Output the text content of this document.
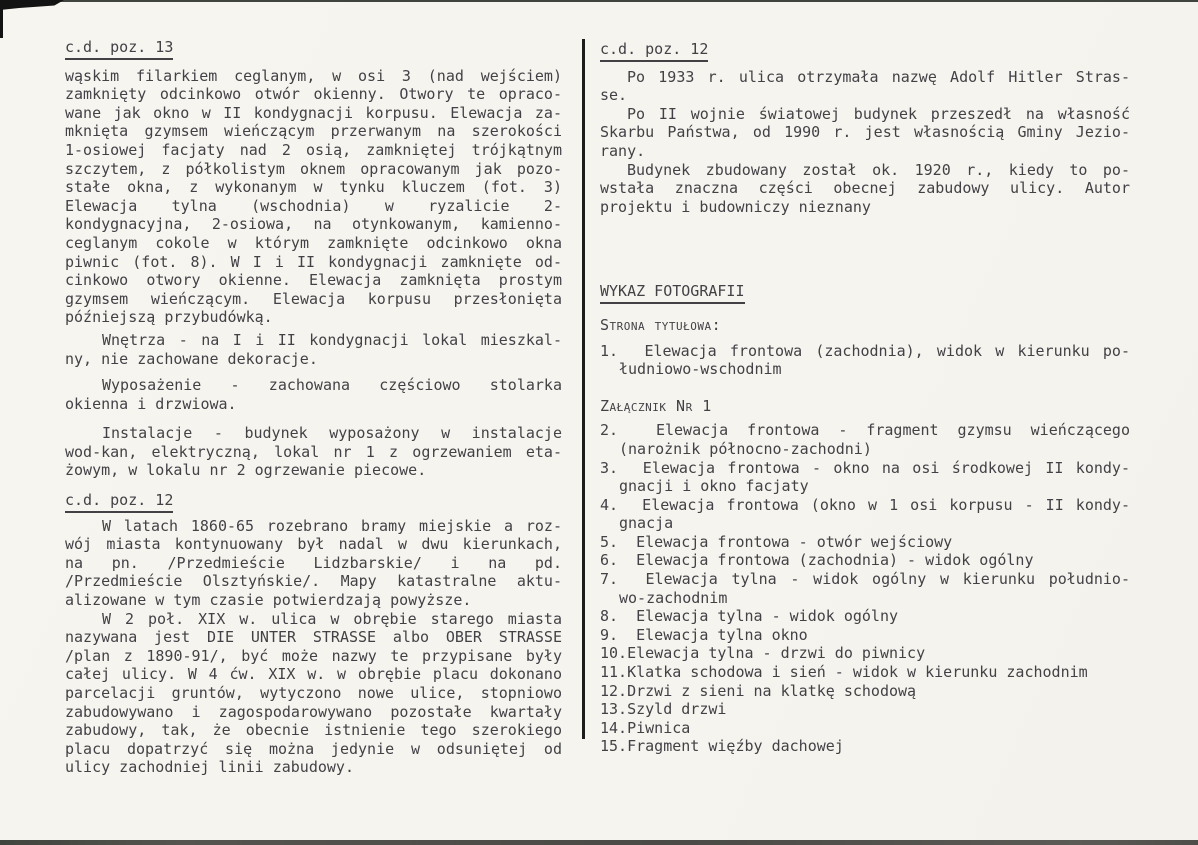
c.d. poz. 13
wąskim filarkiem ceglanym, w osi 3 (nad wejściem)
zamknięty odcinkowo otwór okienny. Otwory te opraco-
wane jak okno w II kondygnacji korpusu. Elewacja za-
mknięta gzymsem wieńczącym przerwanym na szerokości
1-osiowej facjaty nad 2 osią, zamkniętej trójkątnym
szczytem, z półkolistym oknem opracowanym jak pozo-
stałe okna, z wykonanym w tynku kluczem (fot. 3)
Elewacja tylna (wschodnia) w ryzalicie 2-
kondygnacyjna, 2-osiowa, na otynkowanym, kamienno-
ceglanym cokole w którym zamknięte odcinkowo okna
piwnic (fot. 8). W I i II kondygnacji zamknięte od-
cinkowo otwory okienne. Elewacja zamknięta prostym
gzymsem wieńczącym. Elewacja korpusu przesłonięta
późniejszą przybudówką.
Wnętrza - na I i II kondygnacji lokal mieszkal-
ny, nie zachowane dekoracje.
Wyposażenie - zachowana częściowo stolarka
okienna i drzwiowa.
Instalacje - budynek wyposażony w instalacje
wod-kan, elektryczną, lokal nr 1 z ogrzewaniem eta-
żowym, w lokalu nr 2 ogrzewanie piecowe.
c.d. poz. 12
W latach 1860-65 rozebrano bramy miejskie a roz-
wój miasta kontynuowany był nadal w dwu kierunkach,
na pn. /Przedmieście Lidzbarskie/ i na pd.
/Przedmieście Olsztyńskie/. Mapy katastralne aktu-
alizowane w tym czasie potwierdzają powyższe.
W 2 poł. XIX w. ulica w obrębie starego miasta
nazywana jest DIE UNTER STRASSE albo OBER STRASSE
/plan z 1890-91/, być może nazwy te przypisane były
całej ulicy. W 4 ćw. XIX w. w obrębie placu dokonano
parcelacji gruntów, wytyczono nowe ulice, stopniowo
zabudowywano i zagospodarowywano pozostałe kwartały
zabudowy, tak, że obecnie istnienie tego szerokiego
placu dopatrzyć się można jedynie w odsuniętej od
ulicy zachodniej linii zabudowy.
c.d. poz. 12
Po 1933 r. ulica otrzymała nazwę Adolf Hitler Stras-
se.
Po II wojnie światowej budynek przeszedł na własność
Skarbu Państwa, od 1990 r. jest własnością Gminy Jezio-
rany.
Budynek zbudowany został ok. 1920 r., kiedy to po-
wstała znaczna części obecnej zabudowy ulicy. Autor
projektu i budowniczy nieznany
WYKAZ FOTOGRAFII
Strona tytułowa:
1.  Elewacja frontowa (zachodnia), widok w kierunku po-
łudniowo-wschodnim
Załącznik Nr 1
2.  Elewacja frontowa - fragment gzymsu wieńczącego
(narożnik północno-zachodni)
3.  Elewacja frontowa - okno na osi środkowej II kondy-
gnacji i okno facjaty
4.  Elewacja frontowa (okno w 1 osi korpusu - II kondy-
gnacja
5.  Elewacja frontowa - otwór wejściowy
6.  Elewacja frontowa (zachodnia) - widok ogólny
7.  Elewacja tylna - widok ogólny w kierunku południo-
wo-zachodnim
8.  Elewacja tylna - widok ogólny
9.  Elewacja tylna okno
10.Elewacja tylna - drzwi do piwnicy
11.Klatka schodowa i sień - widok w kierunku zachodnim
12.Drzwi z sieni na klatkę schodową
13.Szyld drzwi
14.Piwnica
15.Fragment więźby dachowej
